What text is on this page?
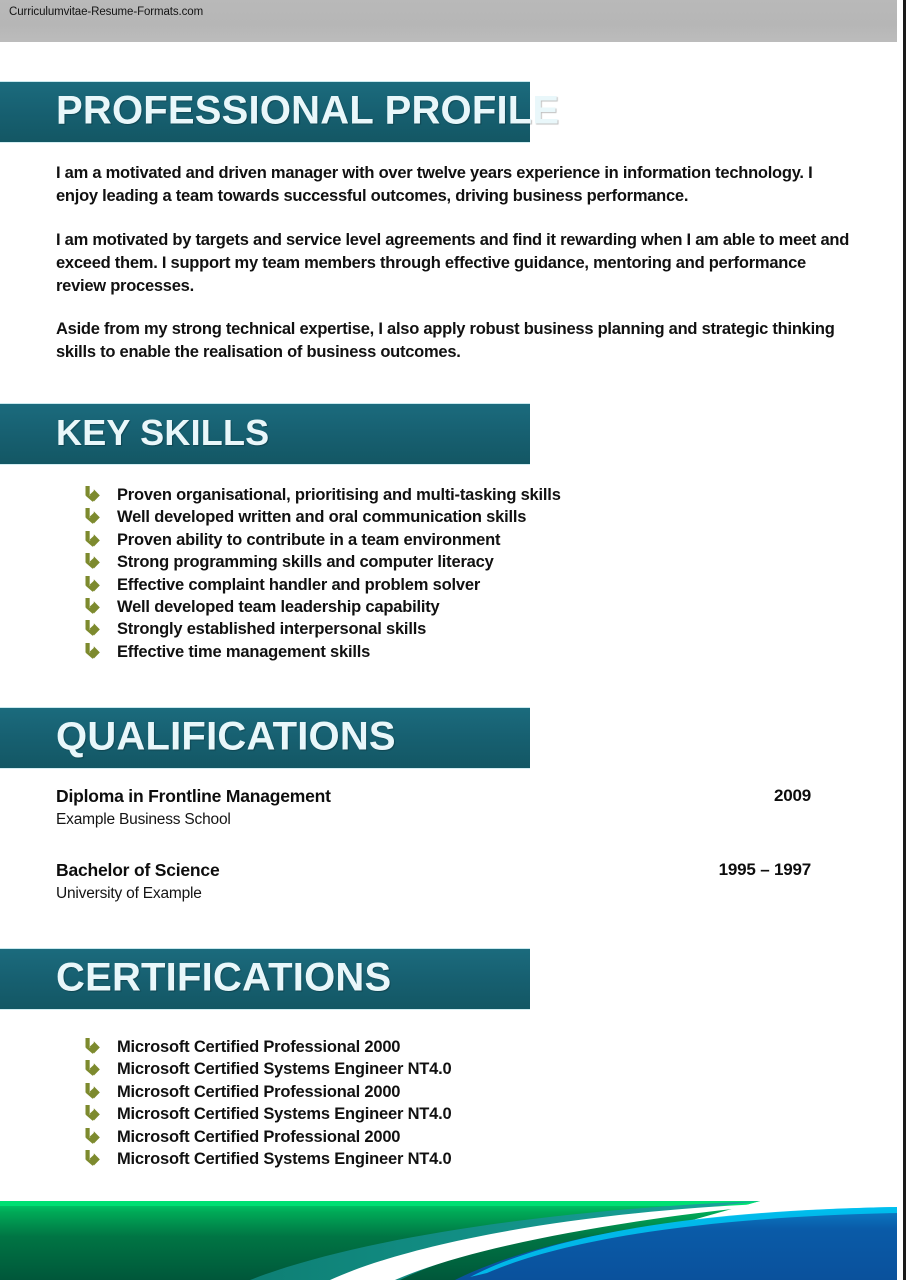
Curriculumvitae-Resume-Formats.com
PROFESSIONAL PROFILE
I am a motivated and driven manager with over twelve years experience in information technology. I enjoy leading a team towards successful outcomes, driving business performance.
I am motivated by targets and service level agreements and find it rewarding when I am able to meet and exceed them. I support my team members through effective guidance, mentoring and performance review processes.
Aside from my strong technical expertise, I also apply robust business planning and strategic thinking skills to enable the realisation of business outcomes.
KEY SKILLS
Proven organisational, prioritising and multi-tasking skills
Well developed written and oral communication skills
Proven ability to contribute in a team environment
Strong programming skills and computer literacy
Effective complaint handler and problem solver
Well developed team leadership capability
Strongly established interpersonal skills
Effective time management skills
QUALIFICATIONS
Diploma in Frontline Management	2009
Example Business School
Bachelor of Science	1995 – 1997
University of Example
CERTIFICATIONS
Microsoft Certified Professional 2000
Microsoft Certified Systems Engineer NT4.0
Microsoft Certified Professional 2000
Microsoft Certified Systems Engineer NT4.0
Microsoft Certified Professional 2000
Microsoft Certified Systems Engineer NT4.0
